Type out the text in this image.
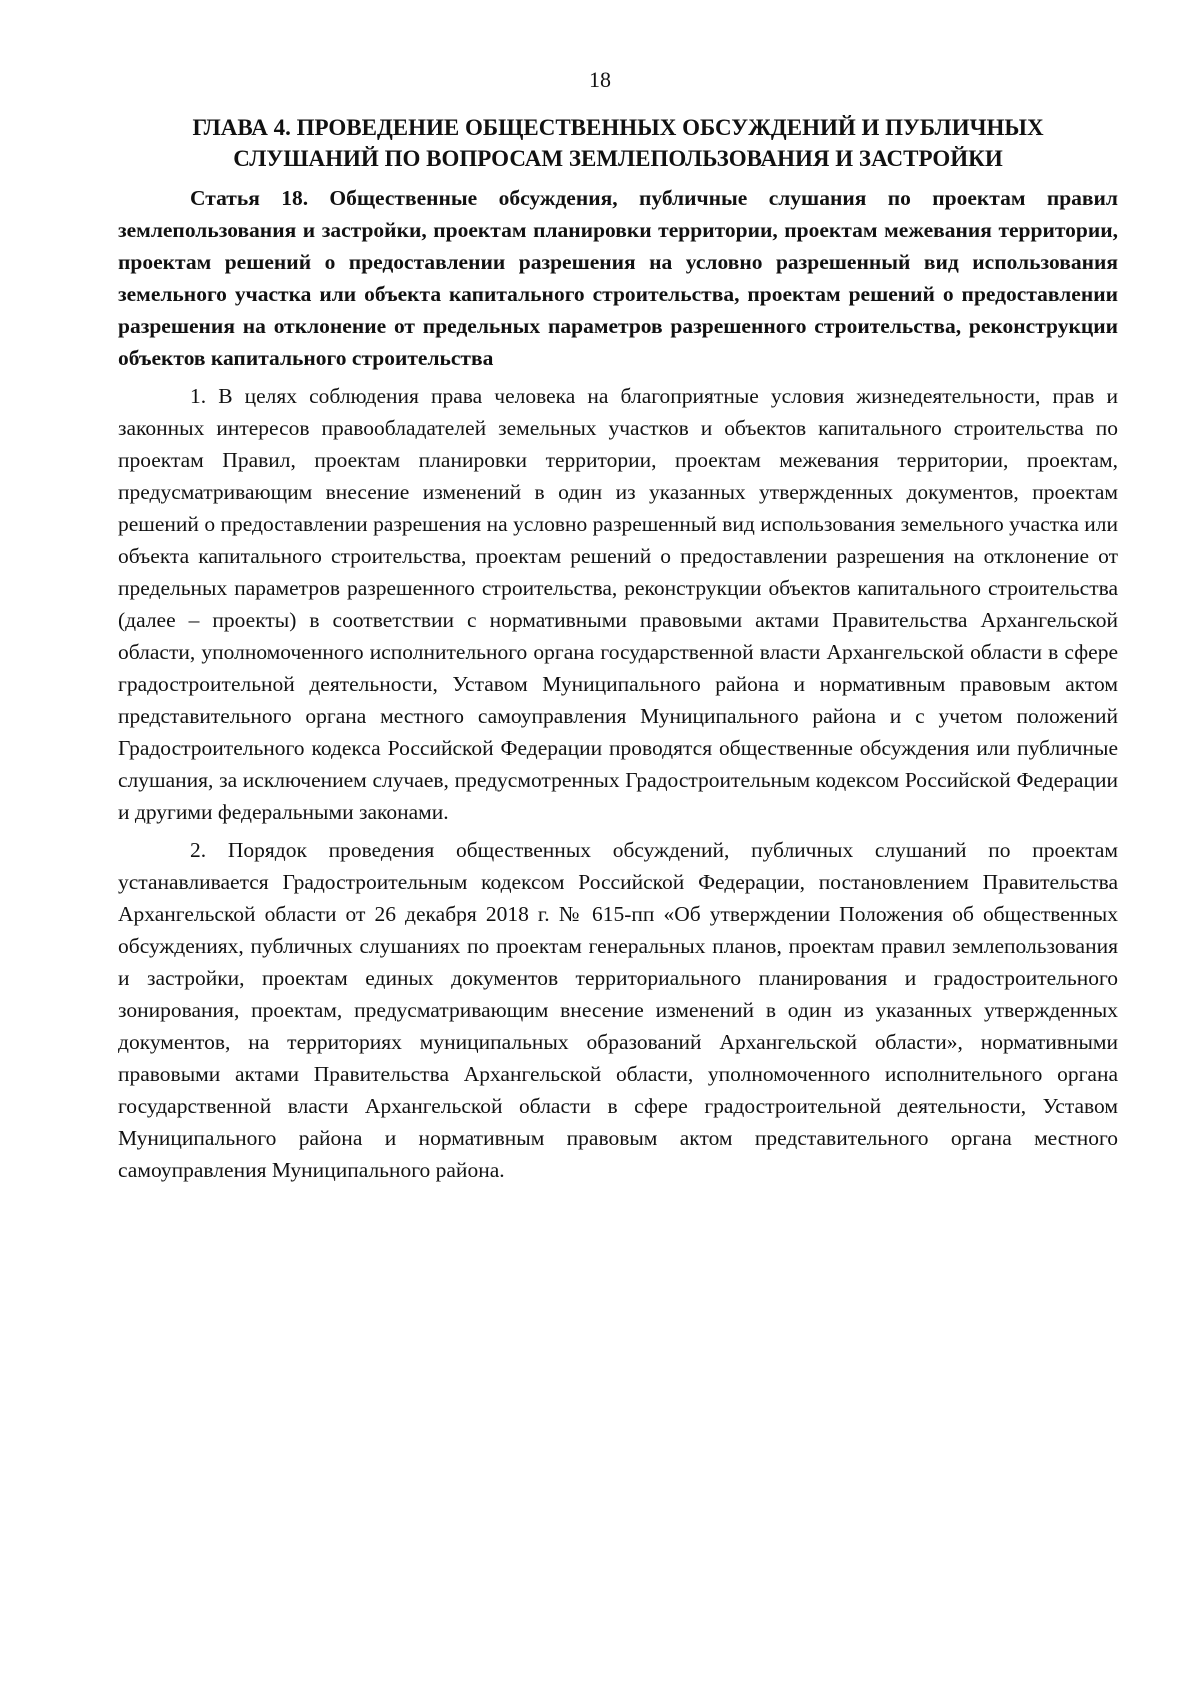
18
ГЛАВА 4. ПРОВЕДЕНИЕ ОБЩЕСТВЕННЫХ ОБСУЖДЕНИЙ И ПУБЛИЧНЫХ СЛУШАНИЙ ПО ВОПРОСАМ ЗЕМЛЕПОЛЬЗОВАНИЯ И ЗАСТРОЙКИ
Статья 18. Общественные обсуждения, публичные слушания по проектам правил землепользования и застройки, проектам планировки территории, проектам межевания территории, проектам решений о предоставлении разрешения на условно разрешенный вид использования земельного участка или объекта капитального строительства, проектам решений о предоставлении разрешения на отклонение от предельных параметров разрешенного строительства, реконструкции объектов капитального строительства

1. В целях соблюдения права человека на благоприятные условия жизнедеятельности, прав и законных интересов правообладателей земельных участков и объектов капитального строительства по проектам Правил, проектам планировки территории, проектам межевания территории, проектам, предусматривающим внесение изменений в один из указанных утвержденных документов, проектам решений о предоставлении разрешения на условно разрешенный вид использования земельного участка или объекта капитального строительства, проектам решений о предоставлении разрешения на отклонение от предельных параметров разрешенного строительства, реконструкции объектов капитального строительства (далее – проекты) в соответствии с нормативными правовыми актами Правительства Архангельской области, уполномоченного исполнительного органа государственной власти Архангельской области в сфере градостроительной деятельности, Уставом Муниципального района и нормативным правовым актом представительного органа местного самоуправления Муниципального района и с учетом положений Градостроительного кодекса Российской Федерации проводятся общественные обсуждения или публичные слушания, за исключением случаев, предусмотренных Градостроительным кодексом Российской Федерации и другими федеральными законами.

2. Порядок проведения общественных обсуждений, публичных слушаний по проектам устанавливается Градостроительным кодексом Российской Федерации, постановлением Правительства Архангельской области от 26 декабря 2018 г. № 615-пп «Об утверждении Положения об общественных обсуждениях, публичных слушаниях по проектам генеральных планов, проектам правил землепользования и застройки, проектам единых документов территориального планирования и градостроительного зонирования, проектам, предусматривающим внесение изменений в один из указанных утвержденных документов, на территориях муниципальных образований Архангельской области», нормативными правовыми актами Правительства Архангельской области, уполномоченного исполнительного органа государственной власти Архангельской области в сфере градостроительной деятельности, Уставом Муниципального района и нормативным правовым актом представительного органа местного самоуправления Муниципального района.
